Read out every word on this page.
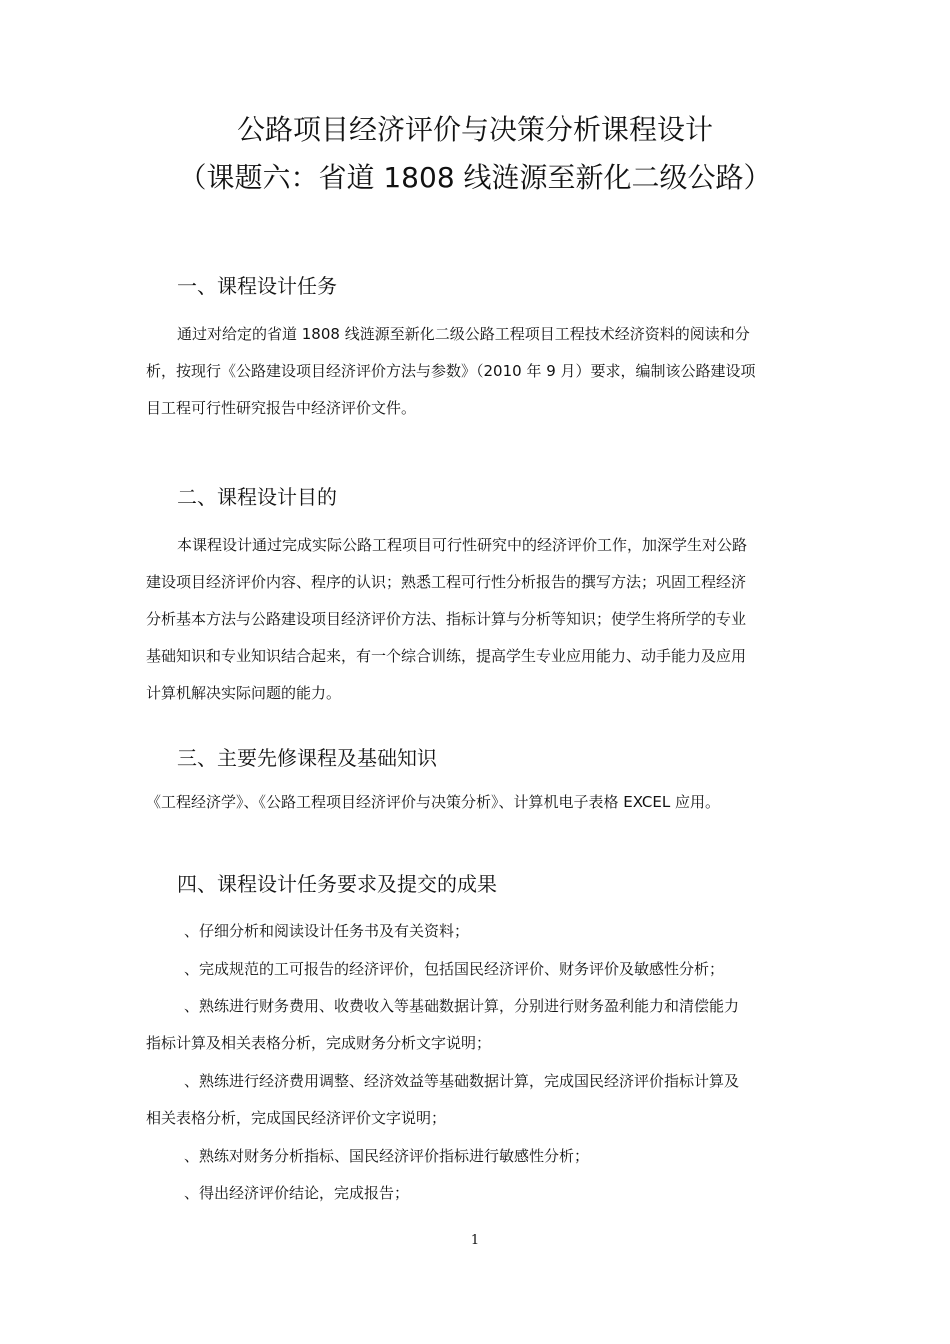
公路项目经济评价与决策分析课程设计
（课题六：省道 1808 线涟源至新化二级公路）
一、课程设计任务
通过对给定的省道 1808 线涟源至新化二级公路工程项目工程技术经济资料的阅读和分
析，按现行《公路建设项目经济评价方法与参数》（2010 年 9 月）要求，编制该公路建设项
目工程可行性研究报告中经济评价文件。
二、课程设计目的
本课程设计通过完成实际公路工程项目可行性研究中的经济评价工作，加深学生对公路
建设项目经济评价内容、程序的认识；熟悉工程可行性分析报告的撰写方法；巩固工程经济
分析基本方法与公路建设项目经济评价方法、指标计算与分析等知识；使学生将所学的专业
基础知识和专业知识结合起来，有一个综合训练，提高学生专业应用能力、动手能力及应用
计算机解决实际问题的能力。
三、主要先修课程及基础知识
《工程经济学》、《公路工程项目经济评价与决策分析》、计算机电子表格 EXCEL 应用。
四、课程设计任务要求及提交的成果
、仔细分析和阅读设计任务书及有关资料；
、完成规范的工可报告的经济评价，包括国民经济评价、财务评价及敏感性分析；
、熟练进行财务费用、收费收入等基础数据计算，分别进行财务盈利能力和清偿能力
指标计算及相关表格分析，完成财务分析文字说明；
、熟练进行经济费用调整、经济效益等基础数据计算，完成国民经济评价指标计算及
相关表格分析，完成国民经济评价文字说明；
、熟练对财务分析指标、国民经济评价指标进行敏感性分析；
、得出经济评价结论，完成报告；
1
